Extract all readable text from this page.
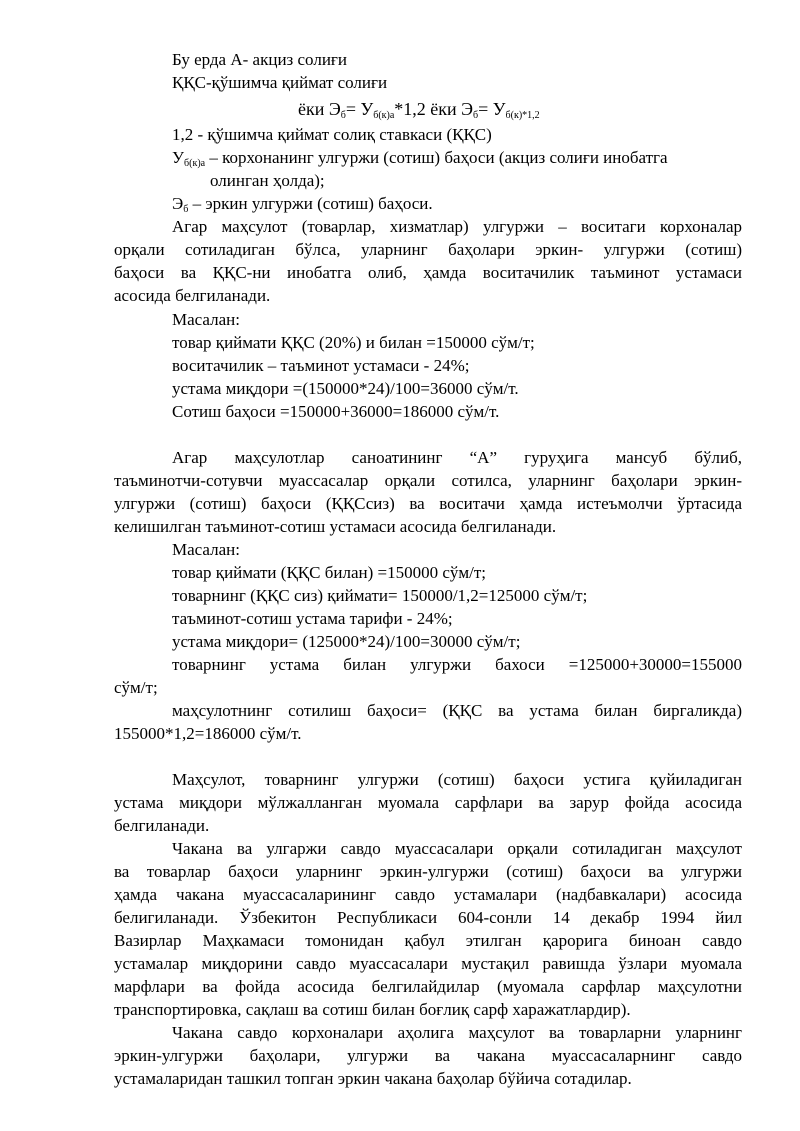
Бу ерда А- акциз солиғи
ҚҚС-қўшимча қиймат солиғи
ёки $Э_б= У_{б(к)а}*1,2$ ёки $Э_б= У_{б(к)*1,2}$
1,2 - қўшимча қиймат солиқ ставкаси (ҚҚС)
$У_{б(к)а}$ – корхонанинг улгуржи (сотиш) баҳоси (акциз солиғи инобатга
олинган ҳолда);
$Э_б$ – эркин улгуржи (сотиш) баҳоси.
Агар маҳсулот (товарлар, хизматлар) улгуржи – воситаги корхоналар
орқали сотиладиган бўлса, уларнинг баҳолари эркин- улгуржи (сотиш)
баҳоси ва ҚҚС-ни инобатга олиб, ҳамда воситачилик таъминот устамаси
асосида белгиланади.
Масалан:
товар қиймати ҚҚС (20%) и билан =150000 сўм/т;
воситачилик – таъминот устамаси - 24%;
устама миқдори =(150000*24)/100=36000 сўм/т.
Сотиш баҳоси =150000+36000=186000 сўм/т.
Агар маҳсулотлар саноатининг “А” гуруҳига мансуб бўлиб,
таъминотчи-сотувчи муассасалар орқали сотилса, уларнинг баҳолари эркин-
улгуржи (сотиш) баҳоси (ҚҚСсиз) ва воситачи ҳамда истеъмолчи ўртасида
келишилган таъминот-сотиш устамаси асосида белгиланади.
Масалан:
товар қиймати (ҚҚС билан) =150000 сўм/т;
товарнинг (ҚҚС сиз) қиймати= 150000/1,2=125000 сўм/т;
таъминот-сотиш устама тарифи - 24%;
устама миқдори= (125000*24)/100=30000 сўм/т;
товарнинг устама билан улгуржи бахоси =125000+30000=155000
сўм/т;
маҳсулотнинг сотилиш баҳоси= (ҚҚС ва устама билан биргаликда)
155000*1,2=186000 сўм/т.
Маҳсулот, товарнинг улгуржи (сотиш) баҳоси устига қуйиладиган
устама миқдори мўлжалланган муомала сарфлари ва зарур фойда асосида
белгиланади.
Чакана ва улгаржи савдо муассасалари орқали сотиладиган маҳсулот
ва товарлар баҳоси уларнинг эркин-улгуржи (сотиш) баҳоси ва улгуржи
ҳамда чакана муассасаларининг савдо устамалари (надбавкалари) асосида
белигиланади. Ўзбекитон Республикаси 604-сонли 14 декабр 1994 йил
Вазирлар Маҳкамаси томонидан қабул этилган қарорига биноан савдо
устамалар миқдорини савдо муассасалари мустақил равишда ўзлари муомала
марфлари ва фойда асосида белгилайдилар (муомала сарфлар маҳсулотни
транспортировка, сақлаш ва сотиш билан боғлиқ сарф харажатлардир).
Чакана савдо корхоналари аҳолига маҳсулот ва товарларни уларнинг
эркин-улгуржи баҳолари, улгуржи ва чакана муассасаларнинг савдо
устамаларидан ташкил топган эркин чакана баҳолар бўйича сотадилар.
